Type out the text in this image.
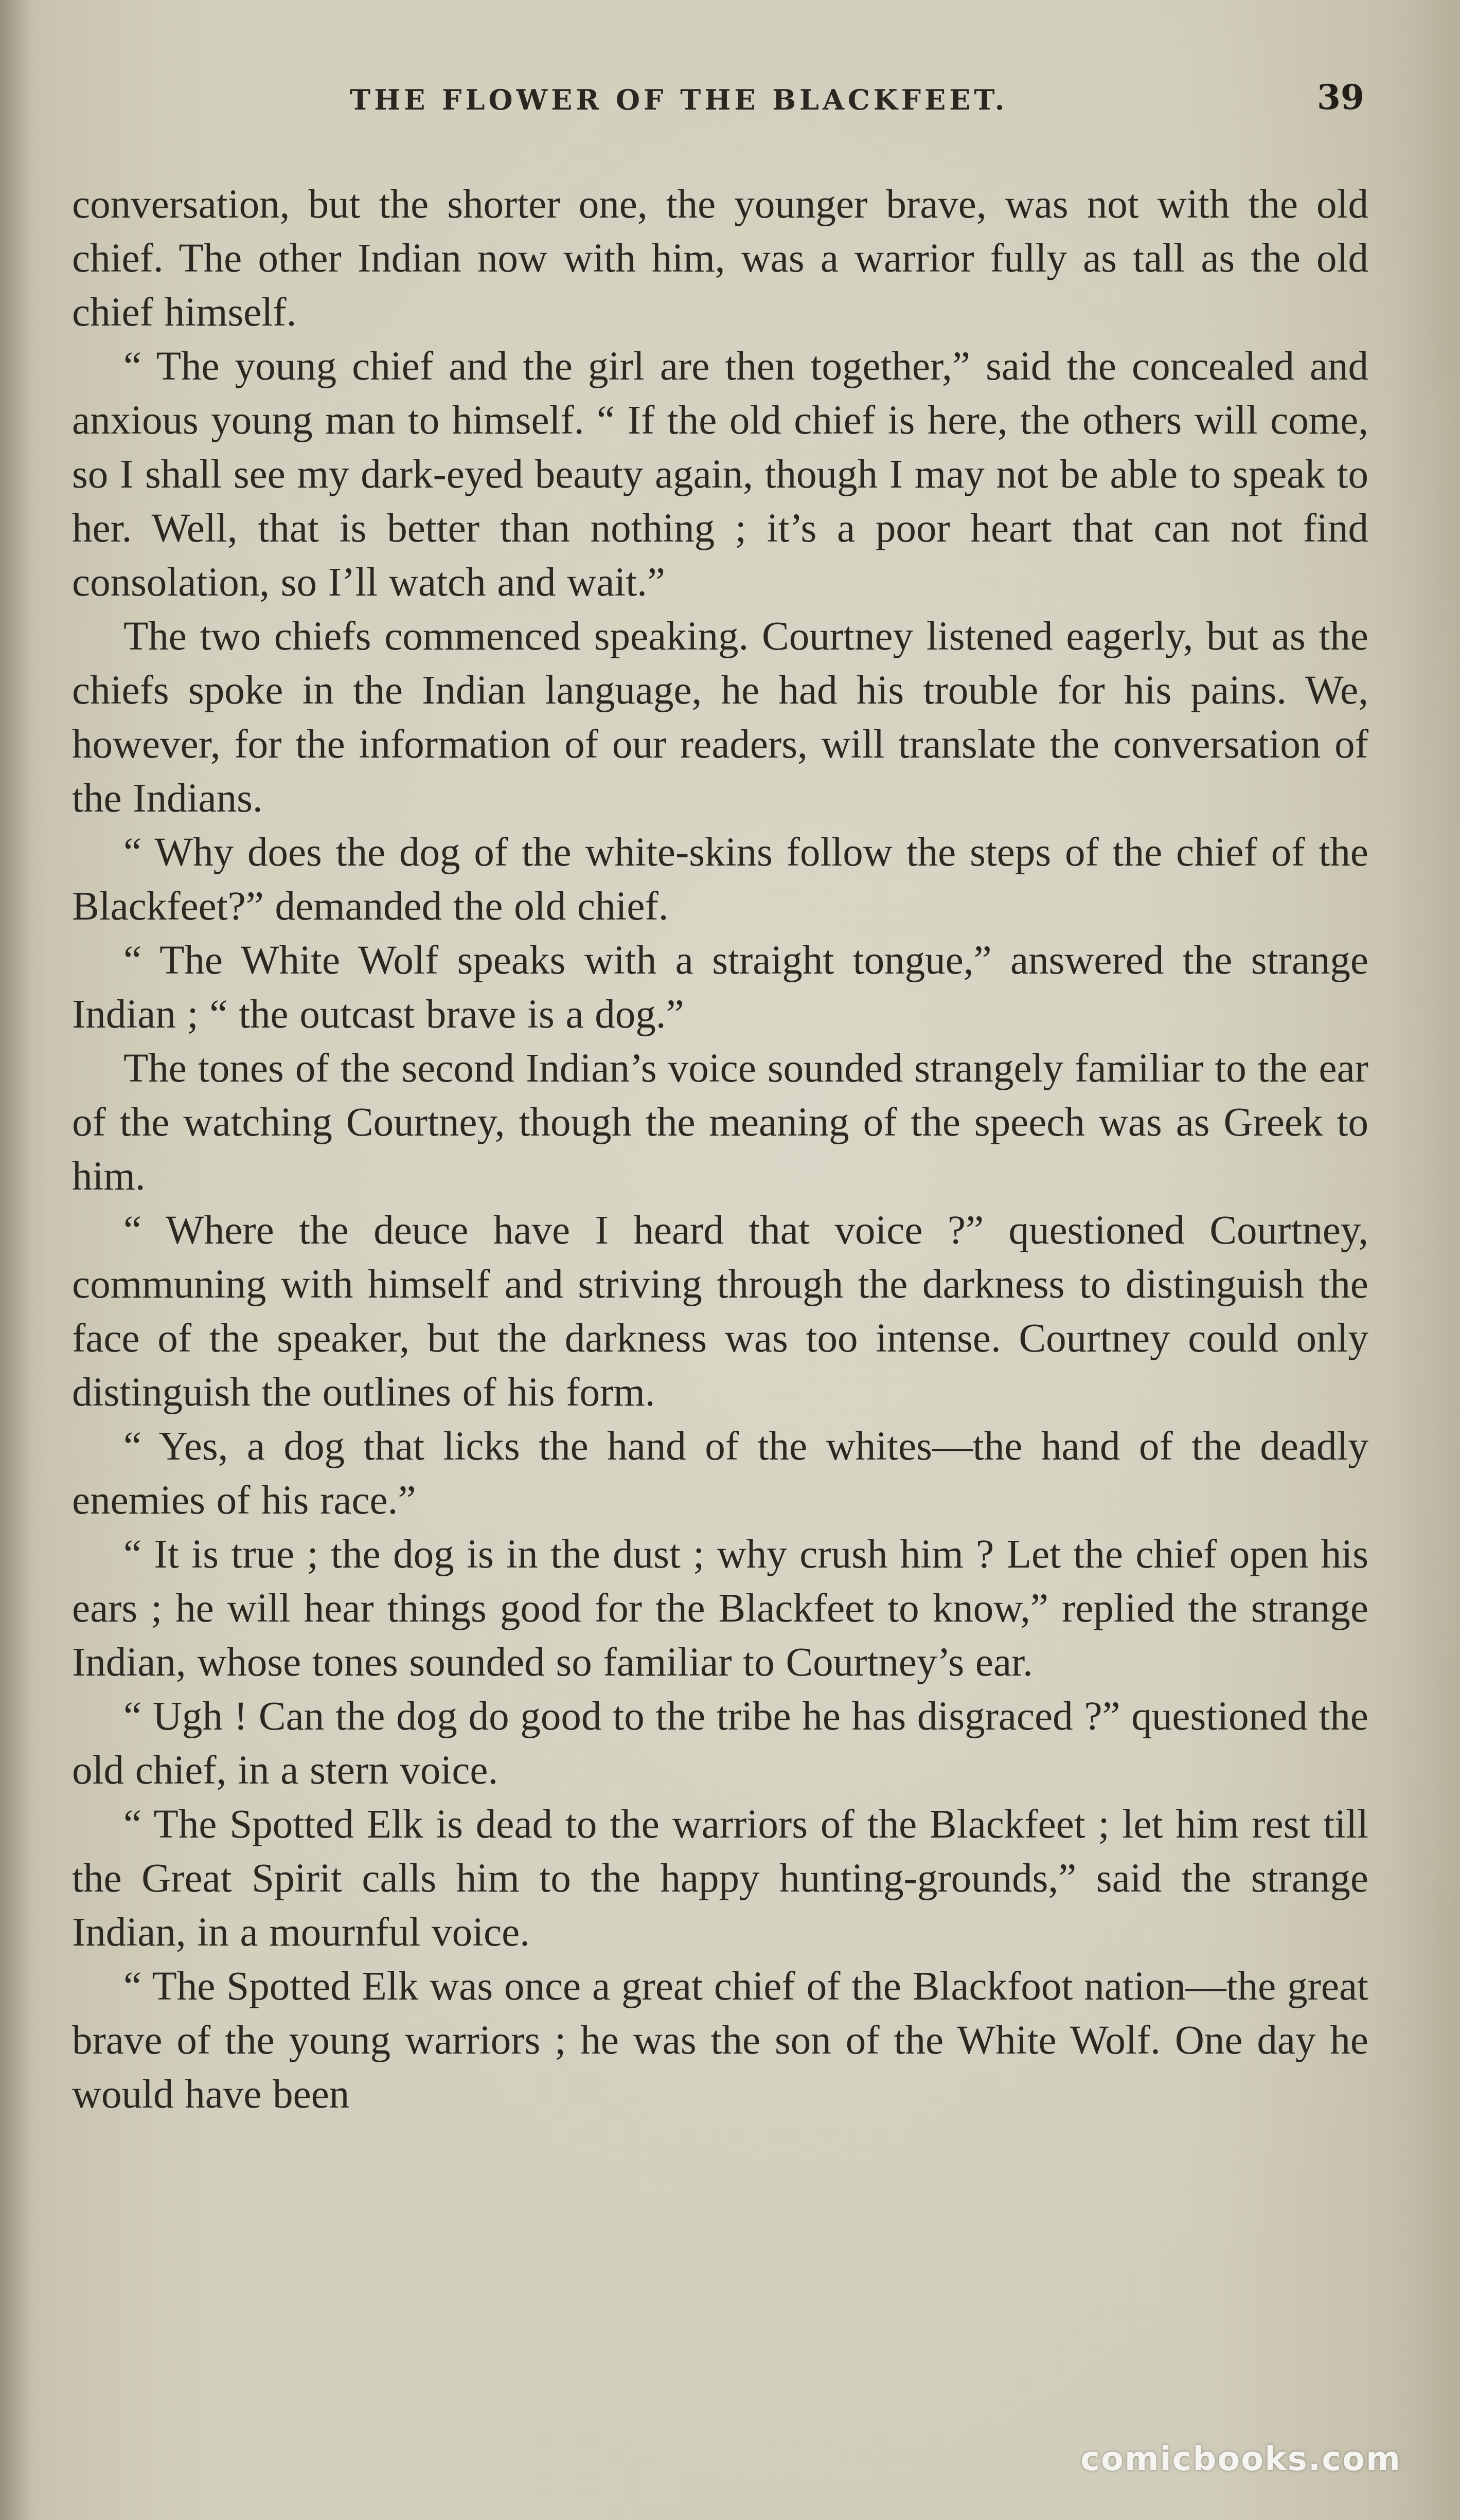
THE FLOWER OF THE BLACKFEET.	39

conversation, but the shorter one, the younger brave, was not with the old chief. The other Indian now with him, was a warrior fully as tall as the old chief himself.

“ The young chief and the girl are then together,” said the concealed and anxious young man to himself. “ If the old chief is here, the others will come, so I shall see my dark-eyed beauty again, though I may not be able to speak to her. Well, that is better than nothing ; it’s a poor heart that can not find consolation, so I’ll watch and wait.”

The two chiefs commenced speaking. Courtney listened eagerly, but as the chiefs spoke in the Indian language, he had his trouble for his pains. We, however, for the information of our readers, will translate the conversation of the Indians.

“ Why does the dog of the white-skins follow the steps of the chief of the Blackfeet?” demanded the old chief.

“ The White Wolf speaks with a straight tongue,” answered the strange Indian ; “ the outcast brave is a dog.”

The tones of the second Indian’s voice sounded strangely familiar to the ear of the watching Courtney, though the meaning of the speech was as Greek to him.

“ Where the deuce have I heard that voice ?” questioned Courtney, communing with himself and striving through the darkness to distinguish the face of the speaker, but the darkness was too intense. Courtney could only distinguish the outlines of his form.

“ Yes, a dog that licks the hand of the whites—the hand of the deadly enemies of his race.”

“ It is true ; the dog is in the dust ; why crush him ? Let the chief open his ears ; he will hear things good for the Blackfeet to know,” replied the strange Indian, whose tones sounded so familiar to Courtney’s ear.

“ Ugh ! Can the dog do good to the tribe he has disgraced ?” questioned the old chief, in a stern voice.

“ The Spotted Elk is dead to the warriors of the Blackfeet ; let him rest till the Great Spirit calls him to the happy hunting-grounds,” said the strange Indian, in a mournful voice.

“ The Spotted Elk was once a great chief of the Blackfoot nation—the great brave of the young warriors ; he was the son of the White Wolf. One day he would have been

comicbooks.com
